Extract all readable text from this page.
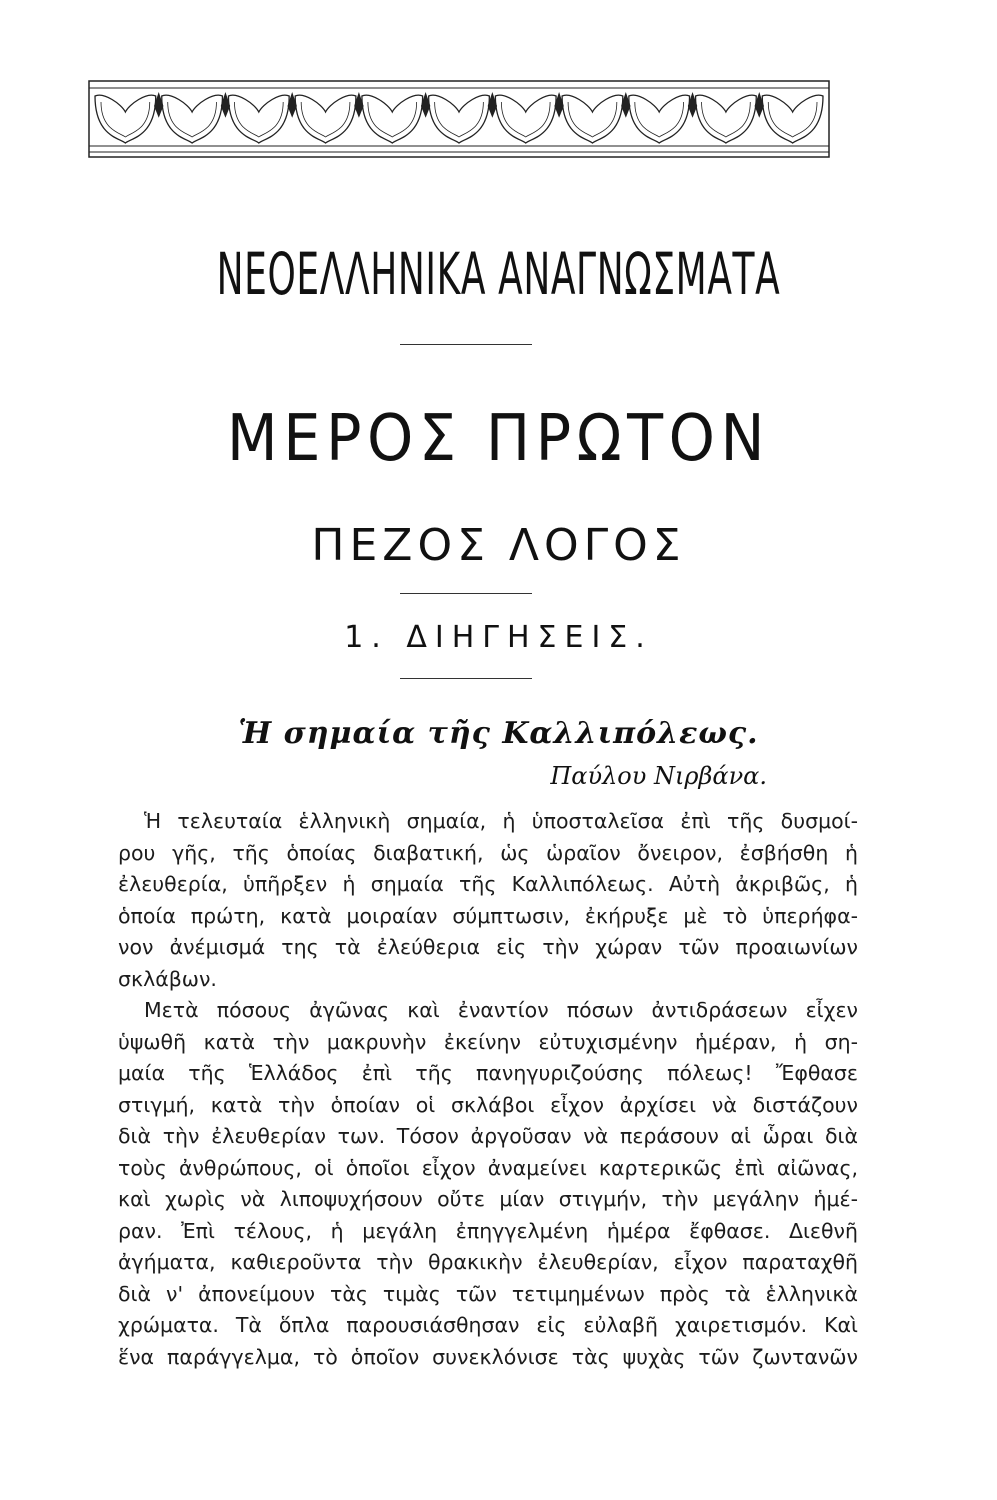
ΝΕΟΕΛΛΗΝΙΚΑ ΑΝΑΓΝΩΣΜΑΤΑ
ΜΕΡΟΣ ΠΡΩΤΟΝ
ΠΕΖΟΣ ΛΟΓΟΣ
1. ΔΙΗΓΗΣΕΙΣ.
Ἡ σημαία τῆς Καλλιπόλεως.
Παύλου Νιρβάνα.
Ἡ τελευταία ἑλληνικὴ σημαία, ἡ ὑποσταλεῖσα ἐπὶ τῆς δυσμοί-
ρου γῆς, τῆς ὁποίας διαβατική, ὡς ὡραῖον ὄνειρον, ἐσβήσθη ἡ
ἐλευθερία, ὑπῆρξεν ἡ σημαία τῆς Καλλιπόλεως. Αὐτὴ ἀκριβῶς, ἡ
ὁποία πρώτη, κατὰ μοιραίαν σύμπτωσιν, ἐκήρυξε μὲ τὸ ὑπερήφα-
νον ἀνέμισμά της τὰ ἐλεύθερια εἰς τὴν χώραν τῶν προαιωνίων
σκλάβων.
Μετὰ πόσους ἀγῶνας καὶ ἐναντίον πόσων ἀντιδράσεων εἶχεν
ὑψωθῆ κατὰ τὴν μακρυνὴν ἐκείνην εὐτυχισμένην ἡμέραν, ἡ ση-
μαία τῆς Ἑλλάδος ἐπὶ τῆς πανηγυριζούσης πόλεως! Ἔφθασε
στιγμή, κατὰ τὴν ὁποίαν οἱ σκλάβοι εἶχον ἀρχίσει νὰ διστάζουν
διὰ τὴν ἐλευθερίαν των. Τόσον ἀργοῦσαν νὰ περάσουν αἱ ὧραι διὰ
τοὺς ἀνθρώπους, οἱ ὁποῖοι εἶχον ἀναμείνει καρτερικῶς ἐπὶ αἰῶνας,
καὶ χωρὶς νὰ λιποψυχήσουν οὔτε μίαν στιγμήν, τὴν μεγάλην ἡμέ-
ραν. Ἐπὶ τέλους, ἡ μεγάλη ἐπηγγελμένη ἡμέρα ἔφθασε. Διεθνῆ
ἀγήματα, καθιεροῦντα τὴν θρακικὴν ἐλευθερίαν, εἶχον παραταχθῆ
διὰ ν' ἀπονείμουν τὰς τιμὰς τῶν τετιμημένων πρὸς τὰ ἑλληνικὰ
χρώματα. Τὰ ὅπλα παρουσιάσθησαν εἰς εὐλαβῆ χαιρετισμόν. Καὶ
ἕνα παράγγελμα, τὸ ὁποῖον συνεκλόνισε τὰς ψυχὰς τῶν ζωντανῶν
